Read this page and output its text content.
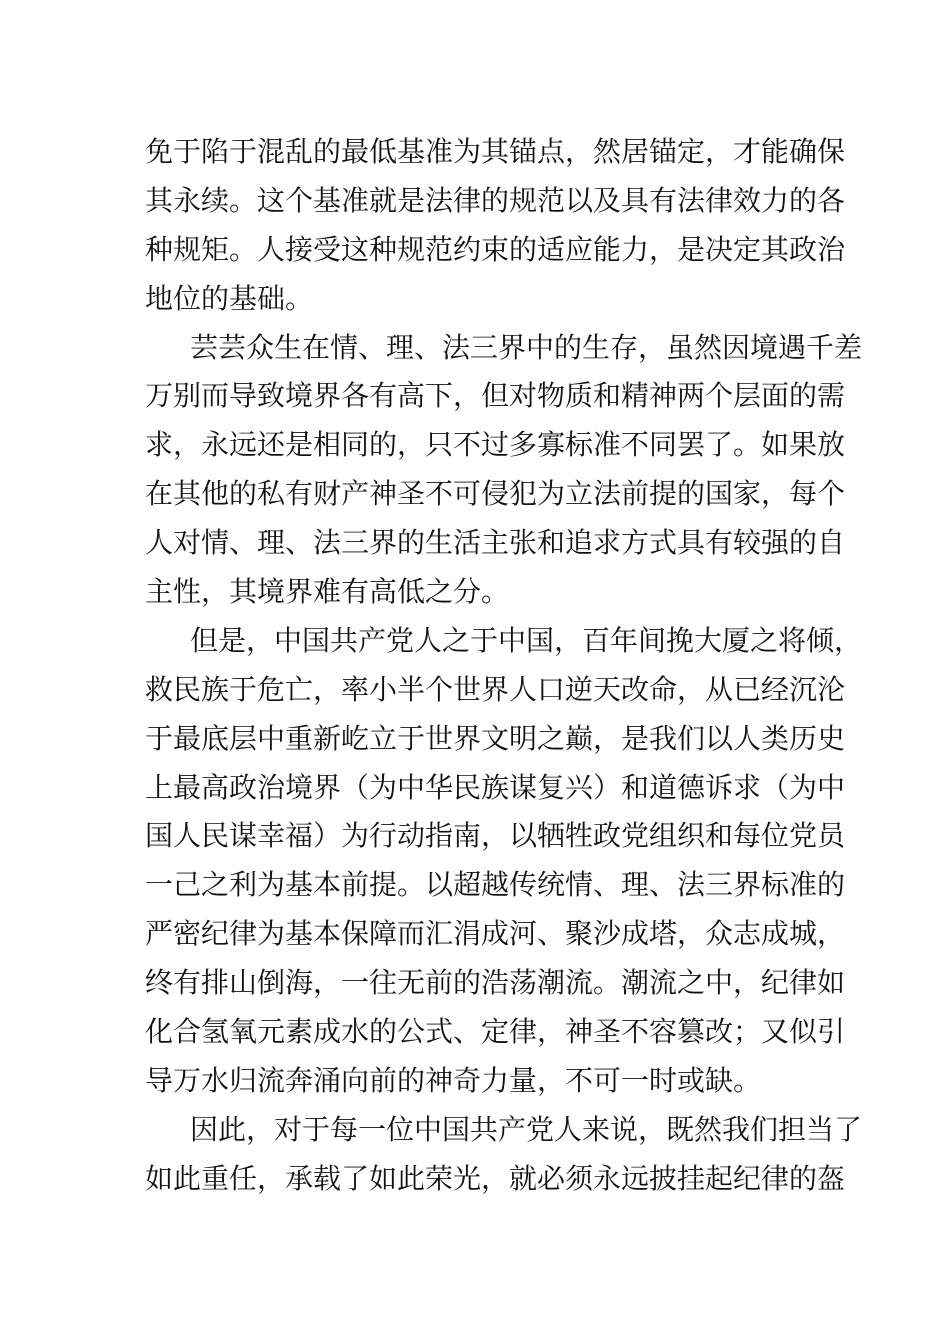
免于陷于混乱的最低基准为其锚点，然居锚定，才能确保
其永续。这个基准就是法律的规范以及具有法律效力的各
种规矩。人接受这种规范约束的适应能力，是决定其政治
地位的基础。
芸芸众生在情、理、法三界中的生存，虽然因境遇千差
万别而导致境界各有高下，但对物质和精神两个层面的需
求，永远还是相同的，只不过多寡标准不同罢了。如果放
在其他的私有财产神圣不可侵犯为立法前提的国家，每个
人对情、理、法三界的生活主张和追求方式具有较强的自
主性，其境界难有高低之分。
但是，中国共产党人之于中国，百年间挽大厦之将倾，
救民族于危亡，率小半个世界人口逆天改命，从已经沉沦
于最底层中重新屹立于世界文明之巅，是我们以人类历史
上最高政治境界（为中华民族谋复兴）和道德诉求（为中
国人民谋幸福）为行动指南，以牺牲政党组织和每位党员
一己之利为基本前提。以超越传统情、理、法三界标准的
严密纪律为基本保障而汇涓成河、聚沙成塔，众志成城，
终有排山倒海，一往无前的浩荡潮流。潮流之中，纪律如
化合氢氧元素成水的公式、定律，神圣不容篡改；又似引
导万水归流奔涌向前的神奇力量，不可一时或缺。
因此，对于每一位中国共产党人来说，既然我们担当了
如此重任，承载了如此荣光，就必须永远披挂起纪律的盔
